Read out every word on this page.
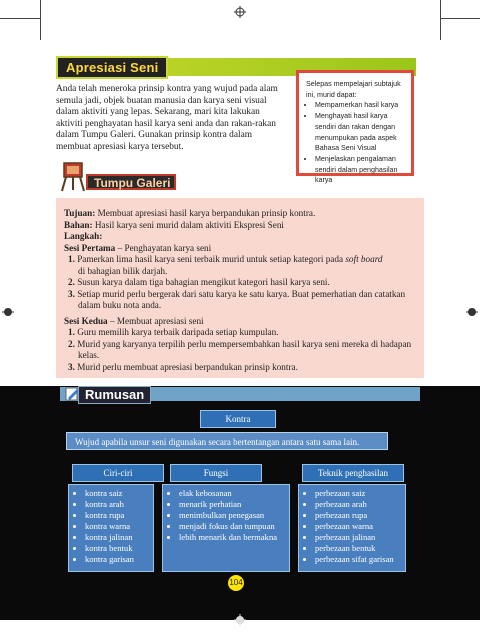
Apresiasi Seni
Anda telah meneroka prinsip kontra yang wujud pada alam semula jadi, objek buatan manusia dan karya seni visual dalam aktiviti yang lepas. Sekarang, mari kita lakukan aktiviti penghayatan hasil karya seni anda dan rakan-rakan dalam Tumpu Galeri. Gunakan prinsip kontra dalam membuat apresiasi karya tersebut.
Selepas mempelajari subtajuk ini, murid dapat:
• Mempamerkan hasil karya
• Menghayati hasil karya sendiri dan rakan dengan menumpukan pada aspek Bahasa Seni Visual
• Menjelaskan pengalaman sendiri dalam penghasilan karya
Tumpu Galeri

Tujuan: Membuat apresiasi hasil karya berpandukan prinsip kontra.

Bahan: Hasil karya seni murid dalam aktiviti Ekspresi Seni

Langkah:

Sesi Pertama – Penghayatan karya seni

1. Pamerkan lima hasil karya seni terbaik murid untuk setiap kategori pada soft board
di bahagian bilik darjah.

2. Susun karya dalam tiga bahagian mengikut kategori hasil karya seni.

3. Setiap murid perlu bergerak dari satu karya ke satu karya. Buat pemerhatian dan catatkan dalam buku nota anda.

Sesi Kedua – Membuat apresiasi seni

1. Guru memilih karya terbaik daripada setiap kumpulan.

2. Murid yang karyanya terpilih perlu mempersembahkan hasil karya seni mereka di hadapan kelas.

3. Murid perlu membuat apresiasi berpandukan prinsip kontra.

Rumusan
Kontra
Wujud apabila unsur seni digunakan secara bertentangan antara satu sama lain.
Ciri-ciri	Fungsi	Teknik penghasilan
• kontra saiz
• kontra arah
• kontra rupa
• kontra warna
• kontra jalinan
• kontra bentuk
• kontra garisan
• elak kebosanan
• menarik perhatian
• menimbulkan penegasan
• menjadi fokus dan tumpuan
• lebih menarik dan bermakna
• perbezaan saiz
• perbezaan arah
• perbezaan rupa
• perbezaan warna
• perbezaan jalinan
• perbezaan bentuk
• perbezaan sifat garisan
104
